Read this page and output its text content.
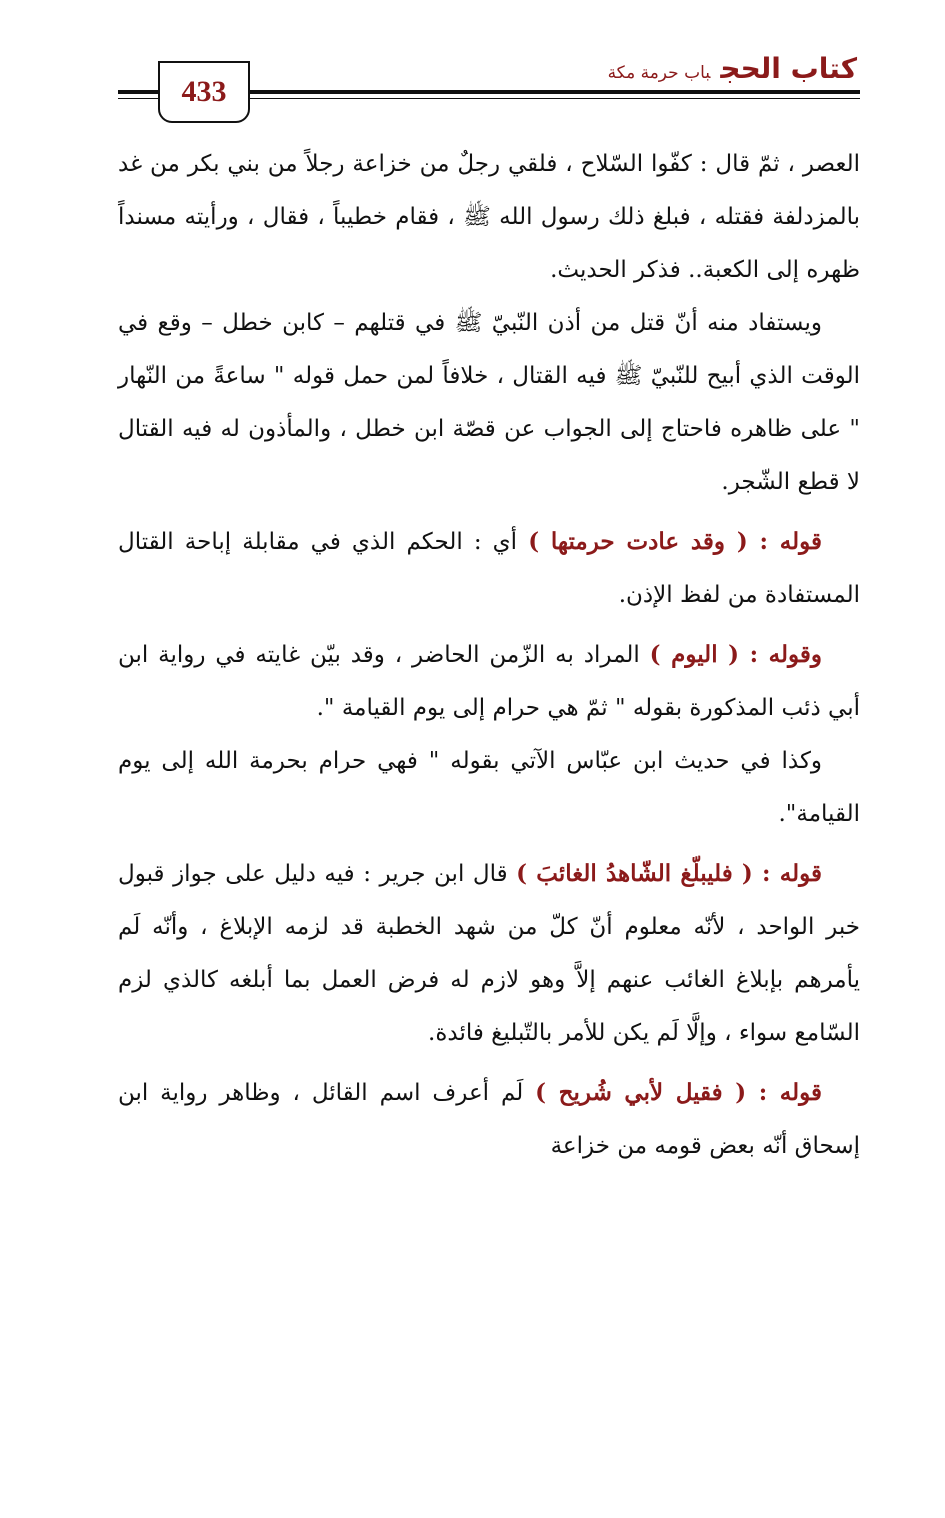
كتاب الحجباب حرمة مكة
433

العصر ، ثمّ قال : كفّوا السّلاح ، فلقي رجلٌ من خزاعة رجلاً من بني بكر من غد بالمزدلفة فقتله ، فبلغ ذلك رسول الله ﷺ ، فقام خطيباً ، فقال ، ورأيته مسنداً ظهره إلى الكعبة.. فذكر الحديث.

ويستفاد منه أنّ قتل من أذن النّبيّ ﷺ في قتلهم – كابن خطل – وقع في الوقت الذي أبيح للنّبيّ ﷺ فيه القتال ، خلافاً لمن حمل قوله " ساعةً من النّهار " على ظاهره فاحتاج إلى الجواب عن قصّة ابن خطل ، والمأذون له فيه القتال لا قطع الشّجر.

قوله : ( وقد عادت حرمتها ) أي : الحكم الذي في مقابلة إباحة القتال المستفادة من لفظ الإذن.

وقوله : ( اليوم ) المراد به الزّمن الحاضر ، وقد بيّن غايته في رواية ابن أبي ذئب المذكورة بقوله " ثمّ هي حرام إلى يوم القيامة ".

وكذا في حديث ابن عبّاس الآتي بقوله " فهي حرام بحرمة الله إلى يوم القيامة".

قوله : ( فليبلّغ الشّاهدُ الغائبَ ) قال ابن جرير : فيه دليل على جواز قبول خبر الواحد ، لأنّه معلوم أنّ كلّ من شهد الخطبة قد لزمه الإبلاغ ، وأنّه لَم يأمرهم بإبلاغ الغائب عنهم إلاَّ وهو لازم له فرض العمل بما أبلغه كالذي لزم السّامع سواء ، وإلَّا لَم يكن للأمر بالتّبليغ فائدة.

قوله : ( فقيل لأبي شُريح ) لَم أعرف اسم القائل ، وظاهر رواية ابن إسحاق أنّه بعض قومه من خزاعة
